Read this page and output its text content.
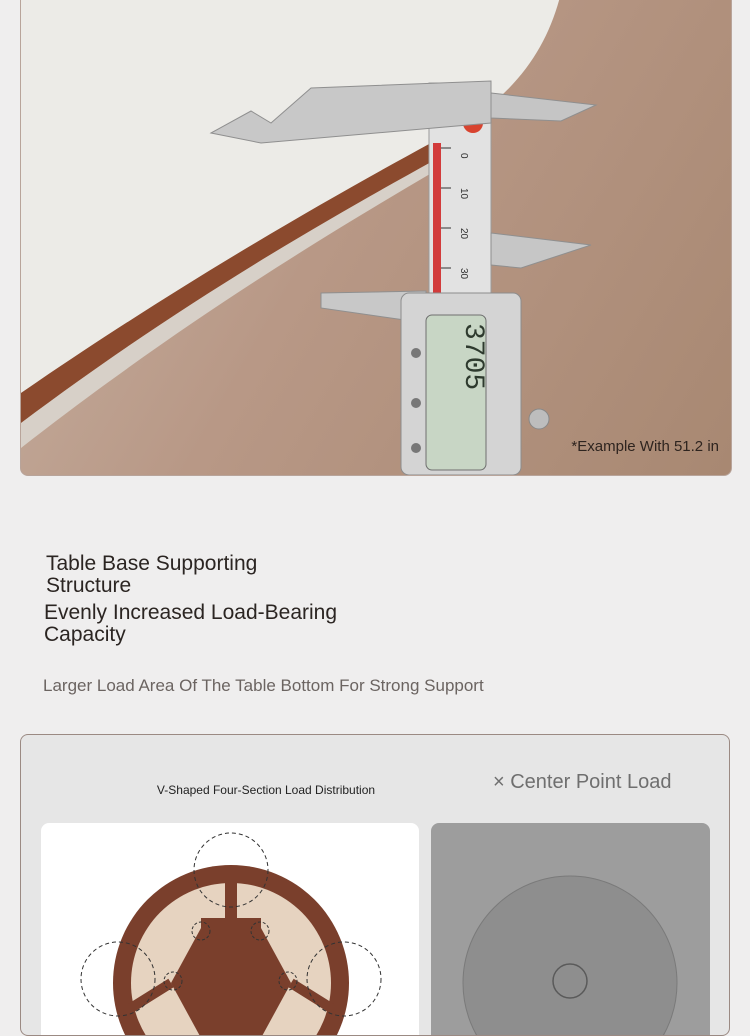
0
10
20
30
3705
*Example With 51.2 in
Table Base Supporting Structure
Evenly Increased Load-Bearing Capacity
Larger Load Area Of The Table Bottom For Strong Support
V-Shaped Four-Section Load Distribution	× Center Point Load
